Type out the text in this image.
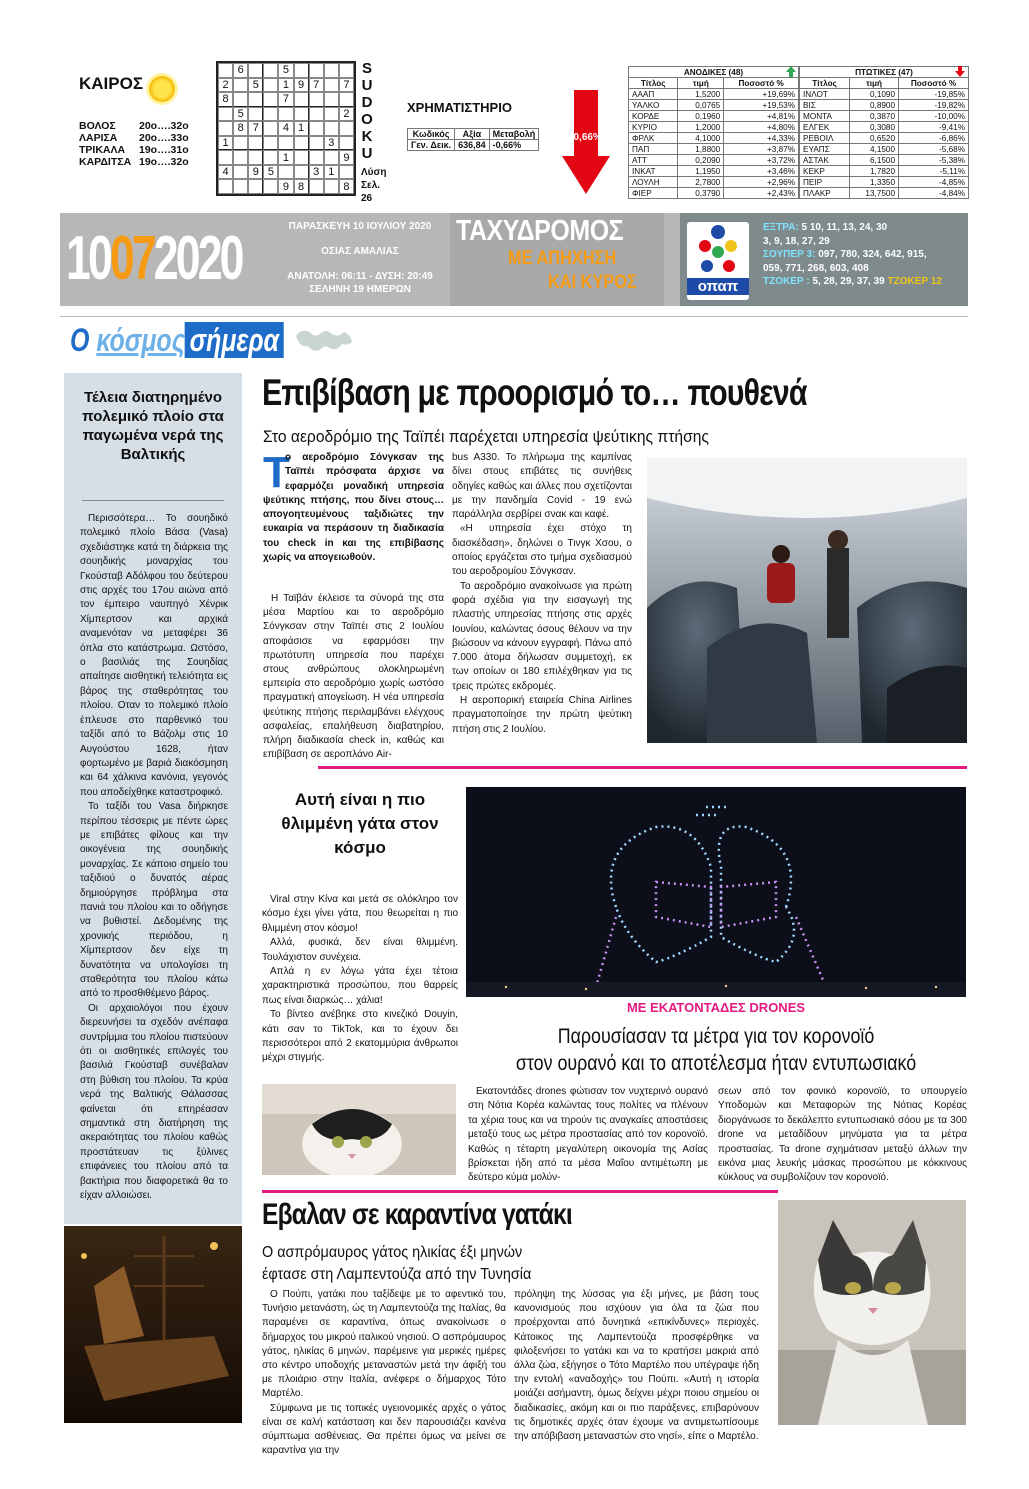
ΚΑΙΡΟΣ
ΒΟΛΟΣ	20ο….32ο
ΛΑΡΙΣΑ	20ο….33ο
ΤΡΙΚΑΛΑ	19ο….31ο
ΚΑΡΔΙΤΣΑ 19ο….32ο
6	5
2	5	1 9 7	7
8	7
5	2
8 7	4 1
1	3
1	9
4	9 5	3 1
9 8	8
S
U
D
O
K
U
Λύση Σελ. 26
ΧΡΗΜΑΤΙΣΤΗΡΙΟ
Κωδικός	Αξία	Μεταβολή
Γεν. Δεικ.	636,84	-0,66%
-0,66%
ΑΝΟΔΙΚΕΣ (48)		
Τίτλος	τιμή	Ποσοστό %
ΑΑΑΠ	1,5200	+19,69%
ΥΑΛΚΟ	0,0765	+19,53%
ΚΟΡΔΕ	0,1960	+4,81%
ΚΥΡΙΟ	1,2000	+4,80%
ΦΡΛΚ	4,1000	+4,33%
ΠΑΠ	1,8800	+3,87%
ΑΤΤ	0,2090	+3,72%
ΙΝΚΑΤ	1,1950	+3,46%
ΛΟΥΛΗ	2,7800	+2,96%
ΦΙΕΡ	0,3790	+2,43%
ΠΤΩΤΙΚΕΣ (47)		
Τίτλος	τιμή	Ποσοστό %
ΙΝΛΟΤ	0,1090	-19,85%
ΒΙΣ	0,8900	-19,82%
ΜΟΝΤΑ	0,3870	-10,00%
ΕΛΓΕΚ	0,3080	-9,41%
ΡΕΒΟΙΛ	0,6520	-6,86%
ΕΥΑΠΣ	4,1500	-5,68%
ΑΣΤΑΚ	6,1500	-5,38%
ΚΕΚΡ	1,7820	-5,11%
ΠΕΙΡ	1,3350	-4,85%
ΠΛΑΚΡ	13,7500	-4,84%
10072020	ΠΑΡΑΣΚΕΥΗ 10 ΙΟΥΛΙΟΥ 2020
ΟΣΙΑΣ ΑΜΑΛΙΑΣ
ΑΝΑΤΟΛΗ: 06:11 - ΔΥΣΗ: 20:49
ΣΕΛΗΝΗ 19 ΗΜΕΡΩΝ
ΤΑΧΥΔΡΟΜΟΣ
ΜΕ ΑΠΗΧΗΣΗ
ΚΑΙ ΚΥΡΟΣ	οπαπ
ΕΞΤΡΑ: 5 10, 11, 13, 24, 30
3, 9, 18, 27, 29
ΣΟΥΠΕΡ 3: 097, 780, 324, 642, 915,
059, 771, 268, 603, 408
ΤΖΟΚΕΡ : 5, 28, 29, 37, 39 ΤΖΟΚΕΡ 12
Ο κόσμος σήμερα
Τέλεια διατηρημένο πολεμικό πλοίο στα παγωμένα νερά της Βαλτικής

Περισσότερα… Το σουηδικό πολεμικό πλοίο Βάσα (Vasa) σχεδιάστηκε κατά τη διάρκεια της σουηδικής μοναρχίας του Γκούσταβ Αδόλφου του δεύτερου στις αρχές του 17ου αιώνα από τον έμπειρο ναυπηγό Χένρικ Χίμπερτσον και αρχικά αναμενόταν να μεταφέρει 36 όπλα στο κατάστρωμα. Ωστόσο, ο βασιλιάς της Σουηδίας απαίτησε αισθητική τελειότητα εις βάρος της σταθερότητας του πλοίου. Οταν το πολεμικό πλοίο έπλευσε στο παρθενικό του ταξίδι από το Βάζολμ στις 10 Αυγούστου 1628, ήταν φορτωμένο με βαριά διακόσμηση και 64 χάλκινα κανόνια, γεγονός που αποδείχθηκε καταστροφικό.

Το ταξίδι του Vasa διήρκησε περίπου τέσσερις με πέντε ώρες με επιβάτες φίλους και την οικογένεια της σουηδικής μοναρχίας. Σε κάποιο σημείο του ταξιδιού ο δυνατός αέρας δημιούργησε πρόβλημα στα πανιά του πλοίου και το οδήγησε να βυθιστεί. Δεδομένης της χρονικής περιόδου, η Χίμπερτσον δεν είχε τη δυνατότητα να υπολογίσει τη σταθερότητα του πλοίου κάτω από το προσθιθέμενο βάρος.

Οι αρχαιολόγοι που έχουν διερευνήσει τα σχεδόν ανέπαφα συντρίμμια του πλοίου πιστεύουν ότι οι αισθητικές επιλογές του βασιλιά Γκούσταβ συνέβαλαν στη βύθιση του πλοίου. Τα κρύα νερά της Βαλτικής Θάλασσας φαίνεται ότι επηρέασαν σημαντικά στη διατήρηση της ακεραιότητας του πλοίου καθώς προστάτευαν τις ξύλινες επιφάνειες του πλοίου από τα βακτήρια που διαφορετικά θα το είχαν αλλοιώσει.

Επιβίβαση με προορισμό το… πουθενά
Στο αεροδρόμιο της Ταϊπέι παρέχεται υπηρεσία ψεύτικης πτήσης
Τ
ο αεροδρόμιο Σόνγκσαν της Ταϊπέι πρόσφατα άρχισε να εφαρμόζει μοναδική υπηρεσία ψεύτικης πτήσης, που δίνει στους… απογοητευμένους ταξιδιώτες την ευκαιρία να περάσουν τη διαδικασία του check in και της επιβίβασης χωρίς να απογειωθούν.

Η Ταϊβάν έκλεισε τα σύνορά της στα μέσα Μαρτίου και το αεροδρόμιο Σόνγκσαν στην Ταϊπέι στις 2 Ιουλίου αποφάσισε να εφαρμόσει την πρωτότυπη υπηρεσία που παρέχει στους ανθρώπους ολοκληρωμένη εμπειρία στο αεροδρόμιο χωρίς ωστόσο πραγματική απογείωση. Η νέα υπηρεσία ψεύτικης πτήσης περιλαμβάνει ελέγχους ασφαλείας, επαλήθευση διαβατηρίου, πλήρη διαδικασία check in, καθώς και επιβίβαση σε αεροπλάνο Air-

bus A330. Το πλήρωμα της καμπίνας δίνει στους επιβάτες τις συνήθεις οδηγίες καθώς και άλλες που σχετίζονται με την πανδημία Covid - 19 ενώ παράλληλα σερβίρει σνακ και καφέ.

«Η υπηρεσία έχει στόχο τη διασκέδαση», δηλώνει ο Τινγκ Χσου, ο οποίος εργάζεται στο τμήμα σχεδιασμού του αεροδρομίου Σόνγκσαν.

Το αεροδρόμιο ανακοίνωσε για πρώτη φορά σχέδια για την εισαγωγή της πλαστής υπηρεσίας πτήσης στις αρχές Ιουνίου, καλώντας όσους θέλουν να την βιώσουν να κάνουν εγγραφή. Πάνω από 7.000 άτομα δήλωσαν συμμετοχή, εκ των οποίων οι 180 επιλέχθηκαν για τις τρεις πρώτες εκδρομές.

Η αεροπορική εταιρεία China Airlines πραγματοποίησε την πρώτη ψεύτικη πτήση στις 2 Ιουλίου.

Αυτή είναι η πιο θλιμμένη γάτα στον κόσμο

Viral στην Κίνα και μετά σε ολόκληρο τον κόσμο έχει γίνει γάτα, που θεωρείται η πιο θλιμμένη στον κόσμο!

Αλλά, φυσικά, δεν είναι θλιμμένη. Τουλάχιστον συνέχεια.

Απλά η εν λόγω γάτα έχει τέτοια χαρακτηριστικά προσώπου, που θαρρείς πως είναι διαρκώς… χάλια!

Το βίντεο ανέβηκε στο κινεζικό Douyin, κάτι σαν το TikTok, και το έχουν δει περισσότεροι από 2 εκατομμύρια άνθρωποι μέχρι στιγμής.

ΜΕ ΕΚΑΤΟΝΤΑΔΕΣ DRONES
Παρουσίασαν τα μέτρα για τον κορονοϊό
στον ουρανό και το αποτέλεσμα ήταν εντυπωσιακό

Εκατοντάδες drones φώτισαν τον νυχτερινό ουρανό στη Νότια Κορέα καλώντας τους πολίτες να πλένουν τα χέρια τους και να τηρούν τις αναγκαίες αποστάσεις μεταξύ τους ως μέτρα προστασίας από τον κορονοϊό. Καθώς η τέταρτη μεγαλύτερη οικονομία της Ασίας βρίσκεται ήδη από τα μέσα Μαΐου αντιμέτωπη με δεύτερο κύμα μολύν-

σεων από τον φονικό κορονοϊό, το υπουργείο Υποδομών και Μεταφορών της Νότιας Κορέας διοργάνωσε το δεκάλεπτο εντυπωσιακό σόου με τα 300 drone να μεταδίδουν μηνύματα για τα μέτρα προστασίας. Τα drone σχημάτισαν μεταξύ άλλων την εικόνα μιας λευκής μάσκας προσώπου με κόκκινους κύκλους να συμβολίζουν τον κορονοϊό.

Εβαλαν σε καραντίνα γατάκι
Ο ασπρόμαυρος γάτος ηλικίας έξι μηνών
έφτασε στη Λαμπεντούζα από την Τυνησία

Ο Πούπι, γατάκι που ταξίδεψε με το αφεντικό του, Τυνήσιο μετανάστη, ώς τη Λαμπεντούζα της Ιταλίας, θα παραμένει σε καραντίνα, όπως ανακοίνωσε ο δήμαρχος του μικρού ιταλικού νησιού. Ο ασπρόμαυρος γάτος, ηλικίας 6 μηνών, παρέμεινε για μερικές ημέρες στο κέντρο υποδοχής μεταναστών μετά την άφιξή του με πλοιάριο στην Ιταλία, ανέφερε ο δήμαρχος Τότο Μαρτέλο.

Σύμφωνα με τις τοπικές υγειονομικές αρχές ο γάτος είναι σε καλή κατάσταση και δεν παρουσιάζει κανένα σύμπτωμα ασθένειας. Θα πρέπει όμως να μείνει σε καραντίνα για την

πρόληψη της λύσσας για έξι μήνες, με βάση τους κανονισμούς που ισχύουν για όλα τα ζώα που προέρχονται από δυνητικά «επικίνδυνες» περιοχές. Κάτοικος της Λαμπεντούζα προσφέρθηκε να φιλοξενήσει το γατάκι και να το κρατήσει μακριά από άλλα ζώα, εξήγησε ο Τότο Μαρτέλο που υπέγραψε ήδη την εντολή «αναδοχής» του Πούπι. «Αυτή η ιστορία μοιάζει ασήμαντη, όμως δείχνει μέχρι ποιου σημείου οι διαδικασίες, ακόμη και οι πιο παράξενες, επιβαρύνουν τις δημοτικές αρχές όταν έχουμε να αντιμετωπίσουμε την απόβιβαση μεταναστών στο νησί», είπε ο Μαρτέλο.
